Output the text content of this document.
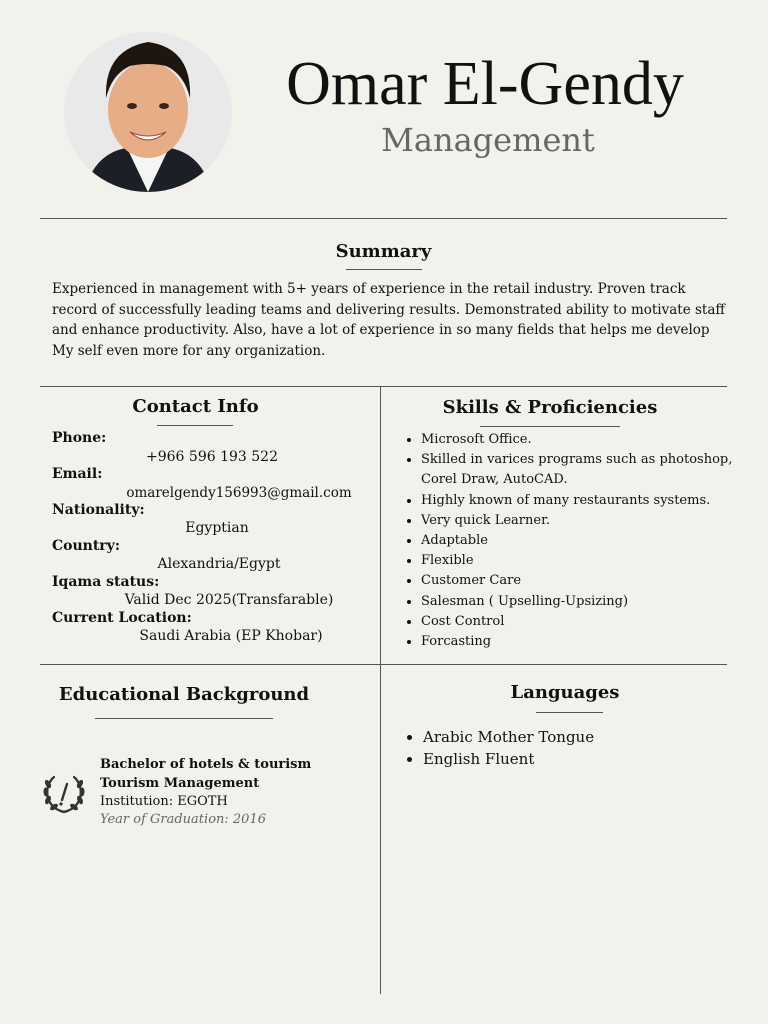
Omar El-Gendy
Management
Summary
Experienced in management with 5+ years of experience in the retail industry. Proven track record of successfully leading teams and delivering results. Demonstrated ability to motivate staff and enhance productivity. Also, have a lot of experience in so many fields that helps me develop My self even more for any organization.
Contact Info
Phone:
+966 596 193 522
Email:
omarelgendy156993@gmail.com
Nationality:
Egyptian
Country:
Alexandria/Egypt
Iqama status:
Valid Dec 2025(Transfarable)
Current Location:
Saudi Arabia (EP Khobar)
Skills & Proficiencies
• Microsoft Office.
• Skilled in varices programs such as photoshop, Corel Draw, AutoCAD.
• Highly known of many restaurants systems.
• Very quick Learner.
• Adaptable
• Flexible
• Customer Care
• Salesman ( Upselling-Upsizing)
• Cost Control
• Forcasting
Educational Background
Bachelor of hotels & tourism
Tourism Management
Institution: EGOTH
Year of Graduation: 2016
Languages
• Arabic Mother Tongue
• English Fluent
